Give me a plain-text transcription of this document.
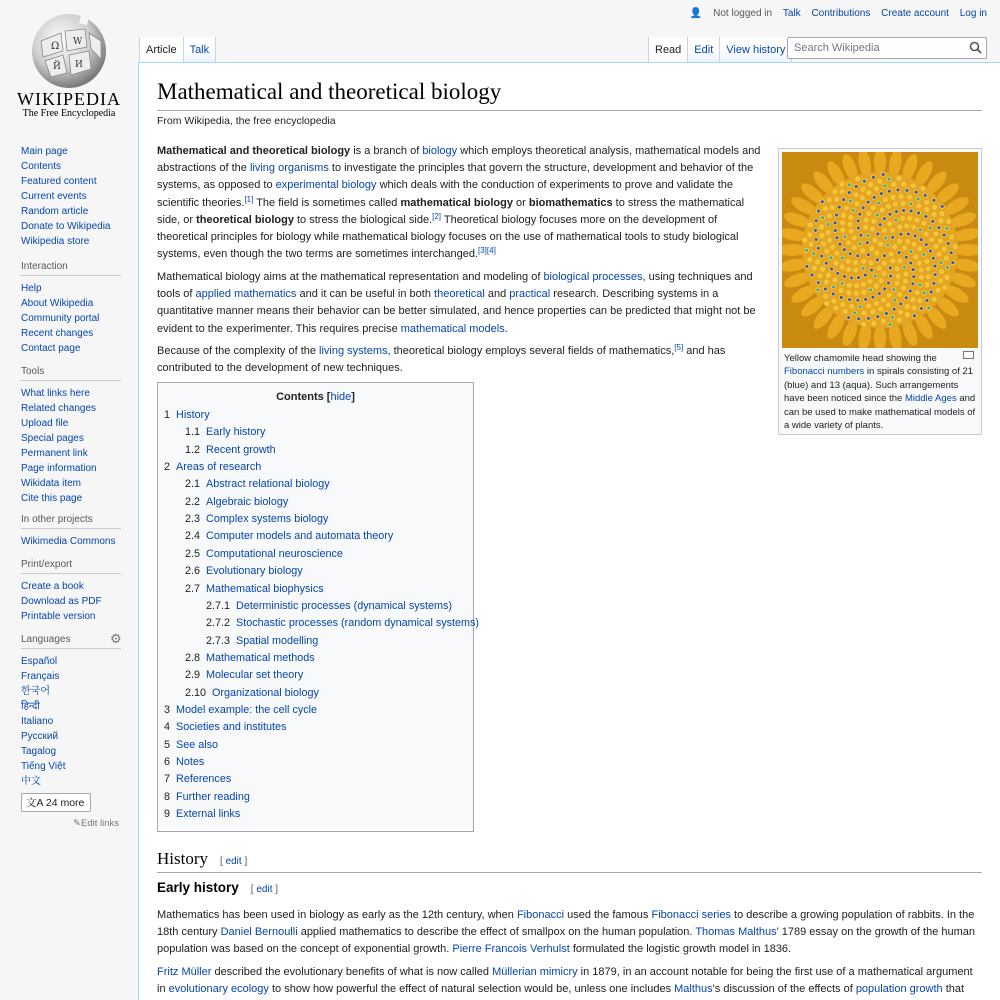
Ω W
Й И
WIKIPEDIA
The Free Encyclopedia
Main page
Contents
Featured content
Current events
Random article
Donate to Wikipedia
Wikipedia store
Interaction
Help
About Wikipedia
Community portal
Recent changes
Contact page
Tools
What links here
Related changes
Upload file
Special pages
Permanent link
Page information
Wikidata item
Cite this page
In other projects
Wikimedia Commons
Print/export
Create a book
Download as PDF
Printable version
Languages	⚙
Español
Français
한국어
हिन्दी
Italiano
Русский
Tagalog
Tiếng Việt
中文
文A 24 more
✎Edit links
👤 Not logged in Talk Contributions Create account Log in
Article	Talk	Read	Edit	View history Search Wikipedia
Mathematical and theoretical biology
From Wikipedia, the free encyclopedia
Mathematical and theoretical biology is a branch of biology which employs theoretical analysis, mathematical models and abstractions of the living organisms to investigate the principles that govern the structure, development and behavior of the systems, as opposed to experimental biology which deals with the conduction of experiments to prove and validate the scientific theories.[1] The field is sometimes called mathematical biology or biomathematics to stress the mathematical side, or theoretical biology to stress the biological side.[2] Theoretical biology focuses more on the development of theoretical principles for biology while mathematical biology focuses on the use of mathematical tools to study biological systems, even though the two terms are sometimes interchanged.[3][4]
Mathematical biology aims at the mathematical representation and modeling of biological processes, using techniques and tools of applied mathematics and it can be useful in both theoretical and practical research. Describing systems in a quantitative manner means their behavior can be better simulated, and hence properties can be predicted that might not be evident to the experimenter. This requires precise mathematical models.
Because of the complexity of the living systems, theoretical biology employs several fields of mathematics,[5] and has contributed to the development of new techniques.
Yellow chamomile head showing the Fibonacci numbers in spirals consisting of 21 (blue) and 13 (aqua). Such arrangements have been noticed since the Middle Ages and can be used to make mathematical models of a wide variety of plants.
Contents [hide]
1 History
1.1 Early history
1.2 Recent growth
2 Areas of research
2.1 Abstract relational biology
2.2 Algebraic biology
2.3 Complex systems biology
2.4 Computer models and automata theory
2.5 Computational neuroscience
2.6 Evolutionary biology
2.7 Mathematical biophysics
2.7.1 Deterministic processes (dynamical systems)
2.7.2 Stochastic processes (random dynamical systems)
2.7.3 Spatial modelling
2.8 Mathematical methods
2.9 Molecular set theory
2.10 Organizational biology
3 Model example: the cell cycle
4 Societies and institutes
5 See also
6 Notes
7 References
8 Further reading
9 External links
History [ edit ]
Early history [ edit ]
Mathematics has been used in biology as early as the 12th century, when Fibonacci used the famous Fibonacci series to describe a growing population of rabbits. In the 18th century Daniel Bernoulli applied mathematics to describe the effect of smallpox on the human population. Thomas Malthus' 1789 essay on the growth of the human population was based on the concept of exponential growth. Pierre Francois Verhulst formulated the logistic growth model in 1836.
Fritz Müller described the evolutionary benefits of what is now called Müllerian mimicry in 1879, in an account notable for being the first use of a mathematical argument in evolutionary ecology to show how powerful the effect of natural selection would be, unless one includes Malthus's discussion of the effects of population growth that
